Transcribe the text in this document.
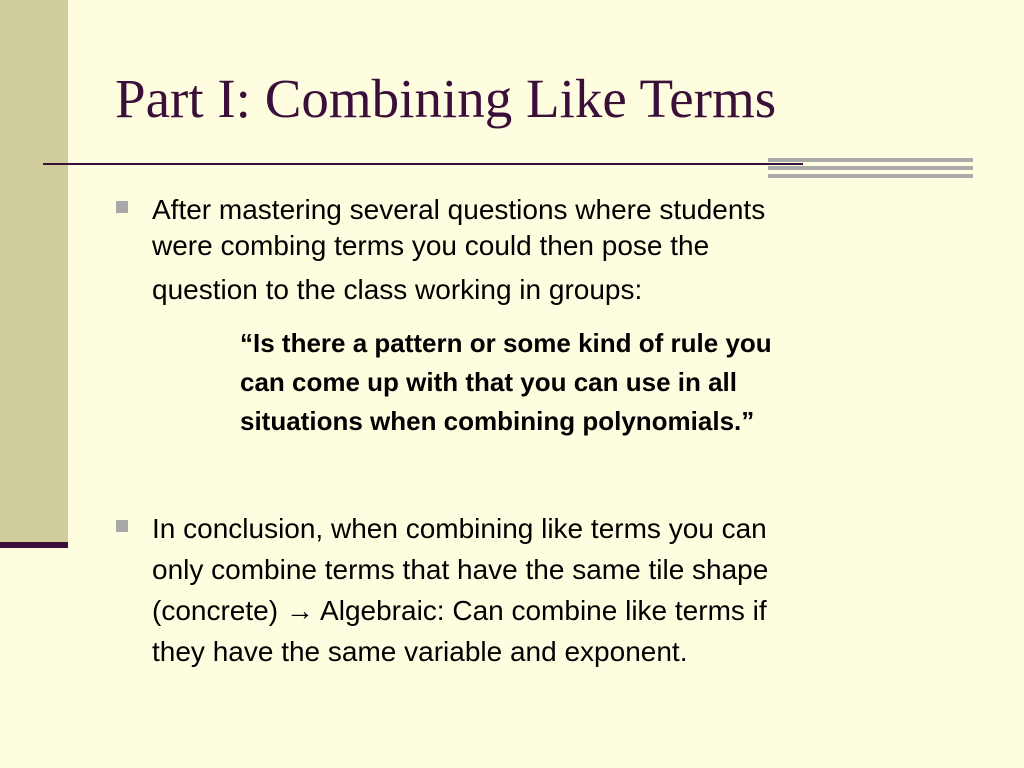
Part I: Combining Like Terms
After mastering several questions where students
were combing terms you could then pose the
question to the class working in groups:
“Is there a pattern or some kind of rule you
can come up with that you can use in all
situations when combining polynomials.”
In conclusion, when combining like terms you can
only combine terms that have the same tile shape
(concrete) → Algebraic: Can combine like terms if
they have the same variable and exponent.
